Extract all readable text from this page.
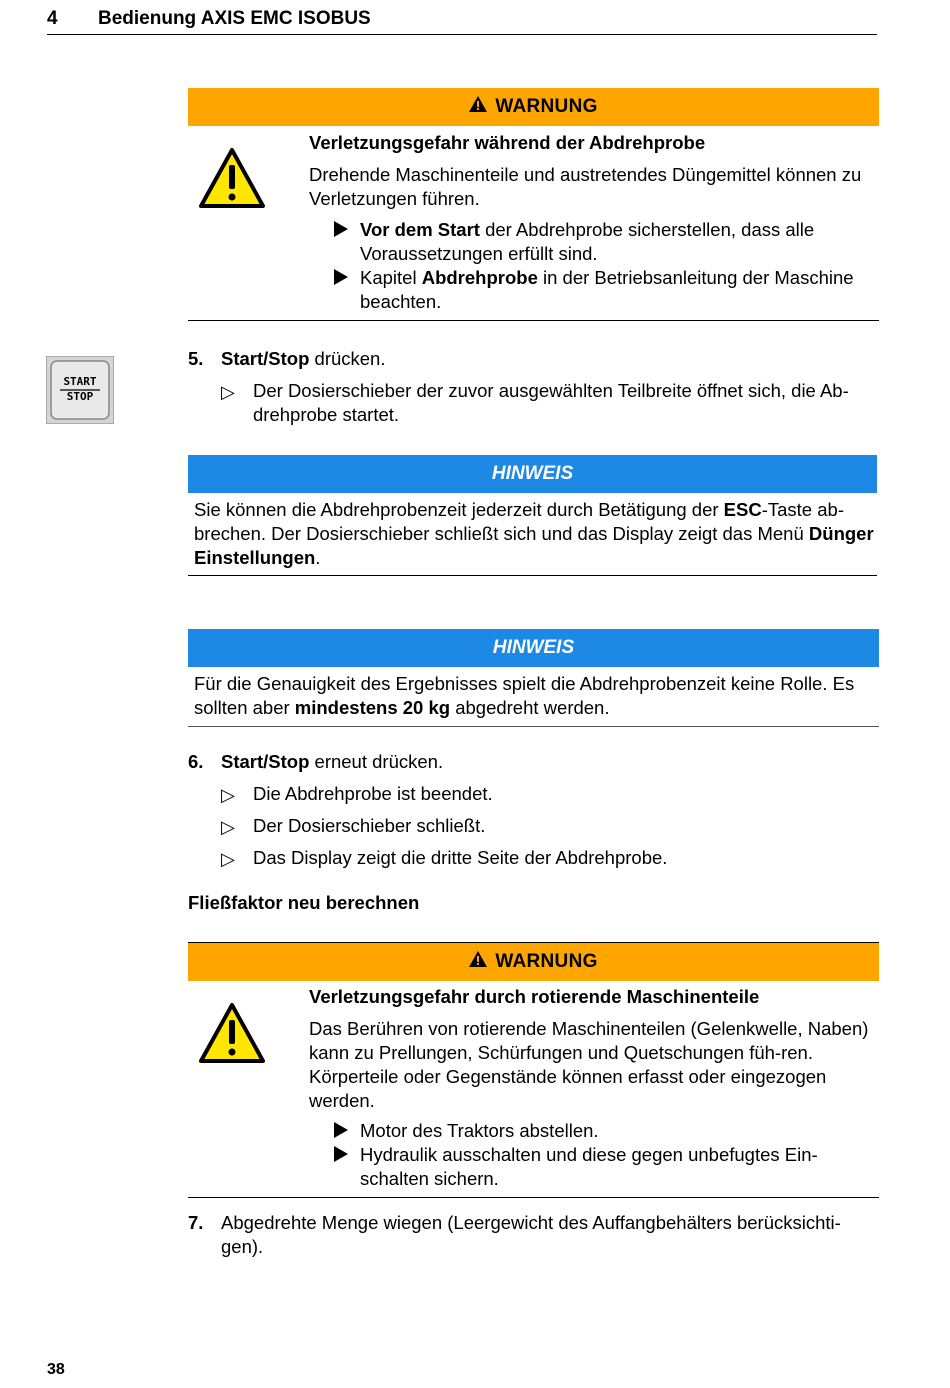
4 Bedienung AXIS EMC ISOBUS
WARNUNG
Verletzungsgefahr während der Abdrehprobe
Drehende Maschinenteile und austretendes Düngemittel können zu Verletzungen führen.
Vor dem Start der Abdrehprobe sicherstellen, dass alle Voraussetzungen erfüllt sind.
Kapitel Abdrehprobe in der Betriebsanleitung der Maschine beachten.
START
STOP
5. Start/Stop drücken.
▷ Der Dosierschieber der zuvor ausgewählten Teilbreite öffnet sich, die Ab-drehprobe startet.
HINWEIS
Sie können die Abdrehprobenzeit jederzeit durch Betätigung der ESC-Taste ab-brechen. Der Dosierschieber schließt sich und das Display zeigt das Menü Dünger Einstellungen.
HINWEIS
Für die Genauigkeit des Ergebnisses spielt die Abdrehprobenzeit keine Rolle. Es sollten aber mindestens 20 kg abgedreht werden.
6. Start/Stop erneut drücken.
▷ Die Abdrehprobe ist beendet.
▷ Der Dosierschieber schließt.
▷ Das Display zeigt die dritte Seite der Abdrehprobe.
Fließfaktor neu berechnen
WARNUNG
Verletzungsgefahr durch rotierende Maschinenteile
Das Berühren von rotierende Maschinenteilen (Gelenkwelle, Naben) kann zu Prellungen, Schürfungen und Quetschungen füh-ren. Körperteile oder Gegenstände können erfasst oder eingezogen werden.
Motor des Traktors abstellen.
Hydraulik ausschalten und diese gegen unbefugtes Ein-schalten sichern.
7. Abgedrehte Menge wiegen (Leergewicht des Auffangbehälters berücksichti-gen).
38
